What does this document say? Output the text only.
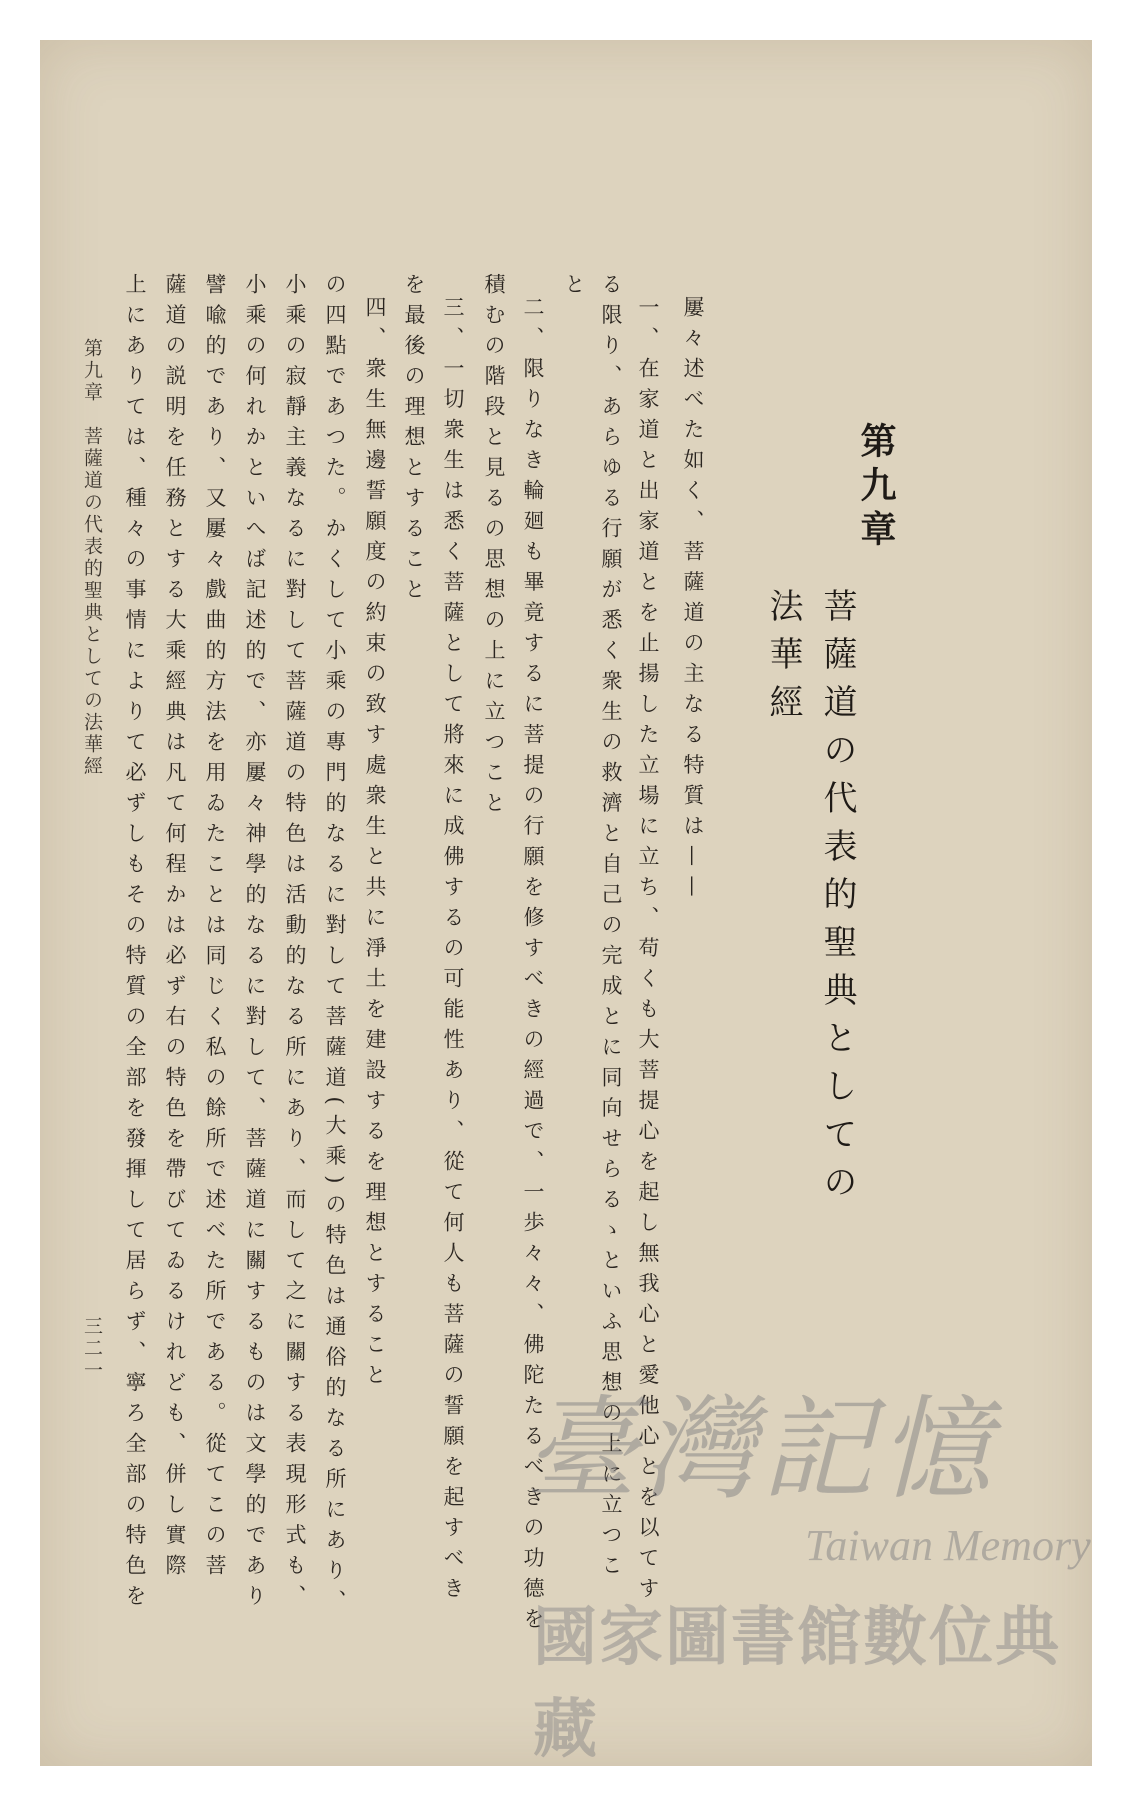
第九章
菩薩道の代表的聖典としての
法華經
屢々述べた如く、菩薩道の主なる特質は——
一、在家道と出家道とを止揚した立場に立ち、苟くも大菩提心を起し無我心と愛他心とを以てす
る限り、あらゆる行願が悉く衆生の救濟と自己の完成とに同向せらるゝといふ思想の上に立つこ
と
二、限りなき輪廻も畢竟するに菩提の行願を修すべきの經過で、一歩々々、佛陀たるべきの功德を
積むの階段と見るの思想の上に立つこと
三、一切衆生は悉く菩薩として將來に成佛するの可能性あり、從て何人も菩薩の誓願を起すべき
を最後の理想とすること
四、衆生無邊誓願度の約束の致す處衆生と共に淨土を建設するを理想とすること
の四點であつた。かくして小乘の專門的なるに對して菩薩道(大乘)の特色は通俗的なる所にあり、
小乘の寂靜主義なるに對して菩薩道の特色は活動的なる所にあり、而して之に關する表現形式も、
小乘の何れかといへば記述的で、亦屢々神學的なるに對して、菩薩道に關するものは文學的であり
譬喩的であり、又屢々戲曲的方法を用ゐたことは同じく私の餘所で述べた所である。從てこの菩
薩道の説明を任務とする大乘經典は凡て何程かは必ず右の特色を帶びてゐるけれども、併し實際
上にありては、種々の事情によりて必ずしもその特質の全部を發揮して居らず、寧ろ全部の特色を
第九章　菩薩道の代表的聖典としての法華經
三二一
臺灣記憶
Taiwan Memory
國家圖書館數位典藏
